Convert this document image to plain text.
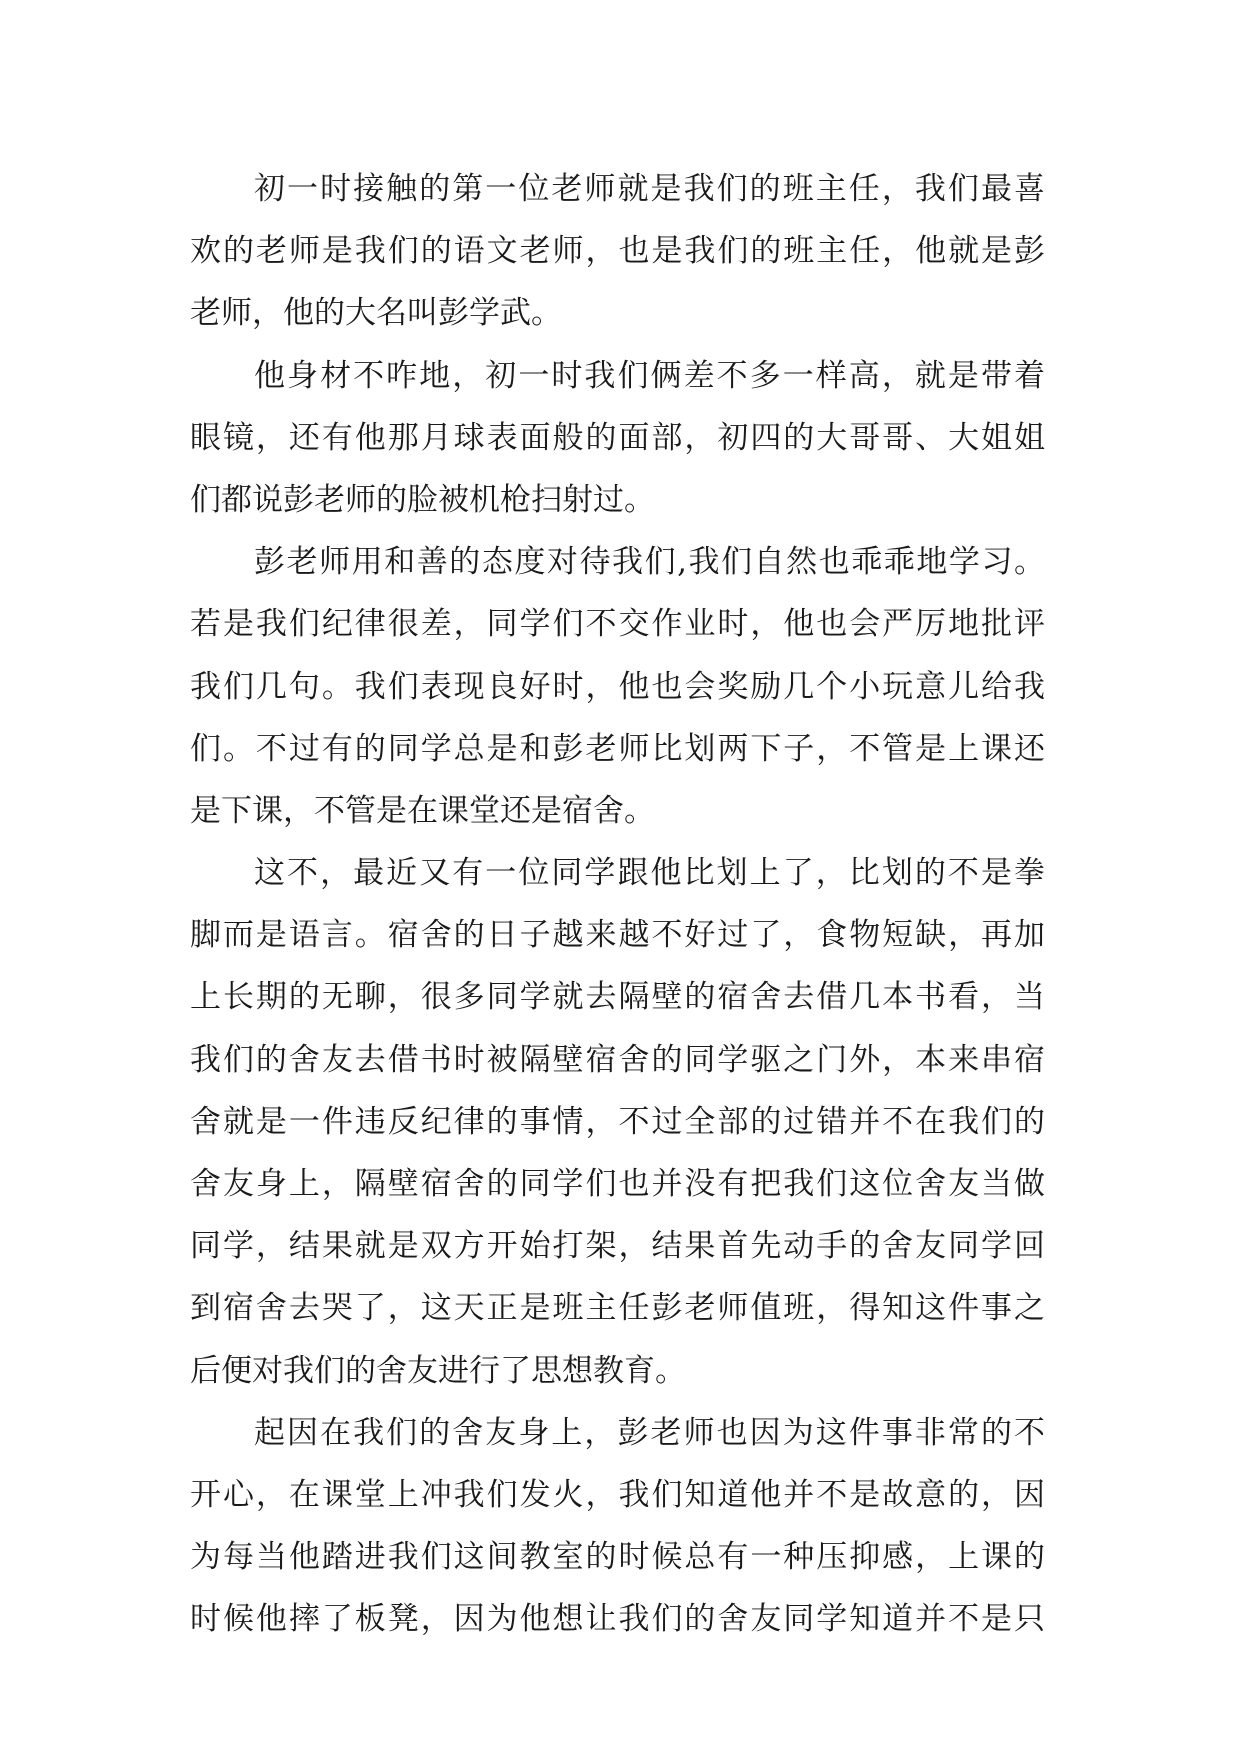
初一时接触的第一位老师就是我们的班主任，我们最喜
欢的老师是我们的语文老师，也是我们的班主任，他就是彭
老师，他的大名叫彭学武。
他身材不咋地，初一时我们俩差不多一样高，就是带着
眼镜，还有他那月球表面般的面部，初四的大哥哥、大姐姐
们都说彭老师的脸被机枪扫射过。
彭老师用和善的态度对待我们,我们自然也乖乖地学习。
若是我们纪律很差，同学们不交作业时，他也会严厉地批评
我们几句。我们表现良好时，他也会奖励几个小玩意儿给我
们。不过有的同学总是和彭老师比划两下子，不管是上课还
是下课，不管是在课堂还是宿舍。
这不，最近又有一位同学跟他比划上了，比划的不是拳
脚而是语言。宿舍的日子越来越不好过了，食物短缺，再加
上长期的无聊，很多同学就去隔壁的宿舍去借几本书看，当
我们的舍友去借书时被隔壁宿舍的同学驱之门外，本来串宿
舍就是一件违反纪律的事情，不过全部的过错并不在我们的
舍友身上，隔壁宿舍的同学们也并没有把我们这位舍友当做
同学，结果就是双方开始打架，结果首先动手的舍友同学回
到宿舍去哭了，这天正是班主任彭老师值班，得知这件事之
后便对我们的舍友进行了思想教育。
起因在我们的舍友身上，彭老师也因为这件事非常的不
开心，在课堂上冲我们发火，我们知道他并不是故意的，因
为每当他踏进我们这间教室的时候总有一种压抑感，上课的
时候他摔了板凳，因为他想让我们的舍友同学知道并不是只
